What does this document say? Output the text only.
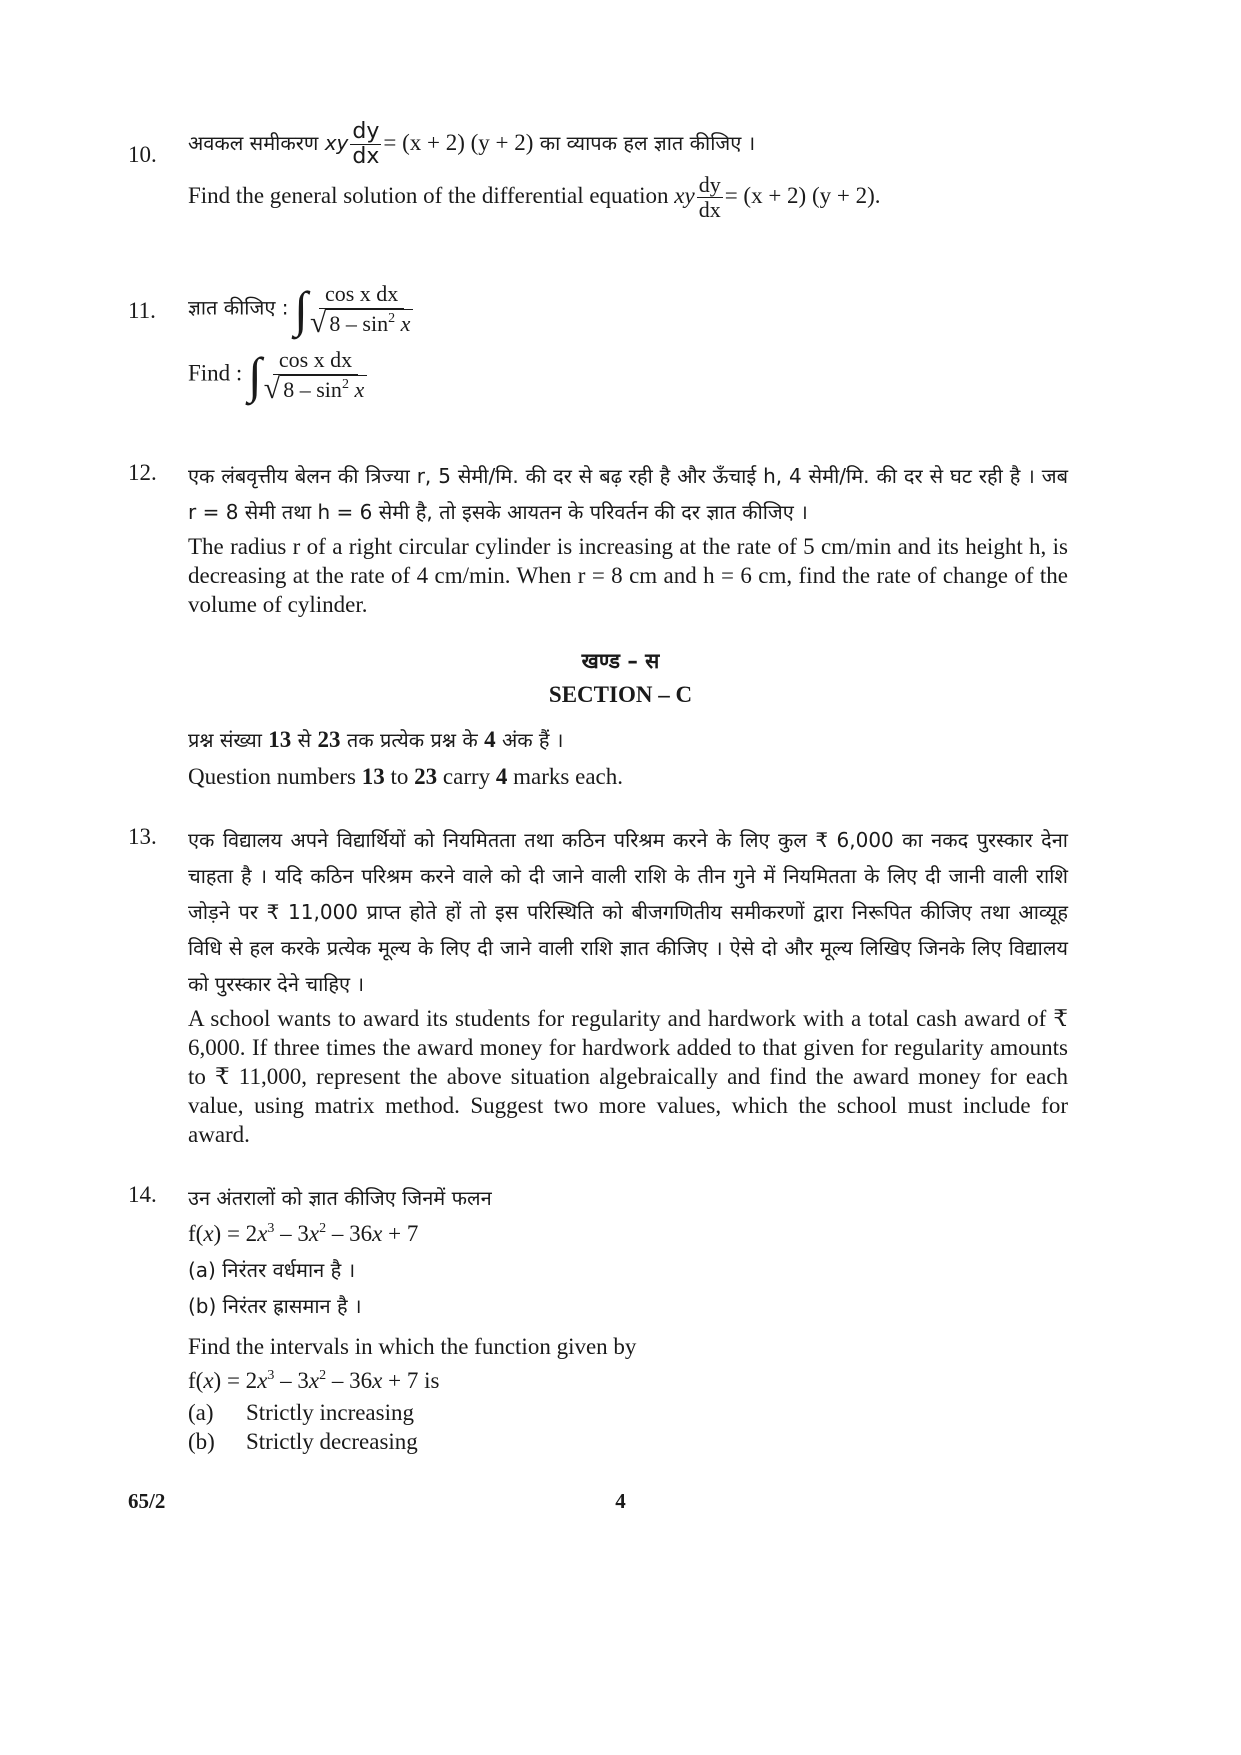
10. अवकल समीकरण xy $\frac{dy}{dx} = (x + 2) (y + 2)$ का व्यापक हल ज्ञात कीजिए ।
Find the general solution of the differential equation xy $\frac{dy}{dx} = (x + 2) (y + 2)$.
11. ज्ञात कीजिए : ∫ $\frac{\text{cos x dx}}{√ 8 - \sin^2 x}$
Find : ∫ $\frac{\text{cos x dx}}{√ 8 - \sin^2 x}$
12. एक लंबवृत्तीय बेलन की त्रिज्या r, 5 सेमी/मि. की दर से बढ़ रही है और ऊँचाई h, 4 सेमी/मि. की दर से घट रही है । जब r = 8 सेमी तथा h = 6 सेमी है, तो इसके आयतन के परिवर्तन की दर ज्ञात कीजिए ।

The radius r of a right circular cylinder is increasing at the rate of 5 cm/min and its height h, is decreasing at the rate of 4 cm/min. When r = 8 cm and h = 6 cm, find the rate of change of the volume of cylinder.

खण्ड – स
SECTION – C
प्रश्न संख्या 13 से 23 तक प्रत्येक प्रश्न के 4 अंक हैं ।
Question numbers 13 to 23 carry 4 marks each.
13. एक विद्यालय अपने विद्यार्थियों को नियमितता तथा कठिन परिश्रम करने के लिए कुल ₹ 6,000 का नकद पुरस्कार देना चाहता है । यदि कठिन परिश्रम करने वाले को दी जाने वाली राशि के तीन गुने में नियमितता के लिए दी जानी वाली राशि जोड़ने पर ₹ 11,000 प्राप्त होते हों तो इस परिस्थिति को बीजगणितीय समीकरणों द्वारा निरूपित कीजिए तथा आव्यूह विधि से हल करके प्रत्येक मूल्य के लिए दी जाने वाली राशि ज्ञात कीजिए । ऐसे दो और मूल्य लिखिए जिनके लिए विद्यालय को पुरस्कार देने चाहिए ।

A school wants to award its students for regularity and hardwork with a total cash award of ₹ 6,000. If three times the award money for hardwork added to that given for regularity amounts to ₹ 11,000, represent the above situation algebraically and find the award money for each value, using matrix method. Suggest two more values, which the school must include for award.

14. उन अंतरालों को ज्ञात कीजिए जिनमें फलन
$f(x) = 2x^3 - 3x^2 - 36x + 7$
(a) निरंतर वर्धमान है ।
(b) निरंतर ह्रासमान है ।
Find the intervals in which the function given by
$f(x) = 2x^3 - 3x^2 - 36x + 7$ is
(a)	Strictly increasing
(b)	Strictly decreasing
65/2	4
